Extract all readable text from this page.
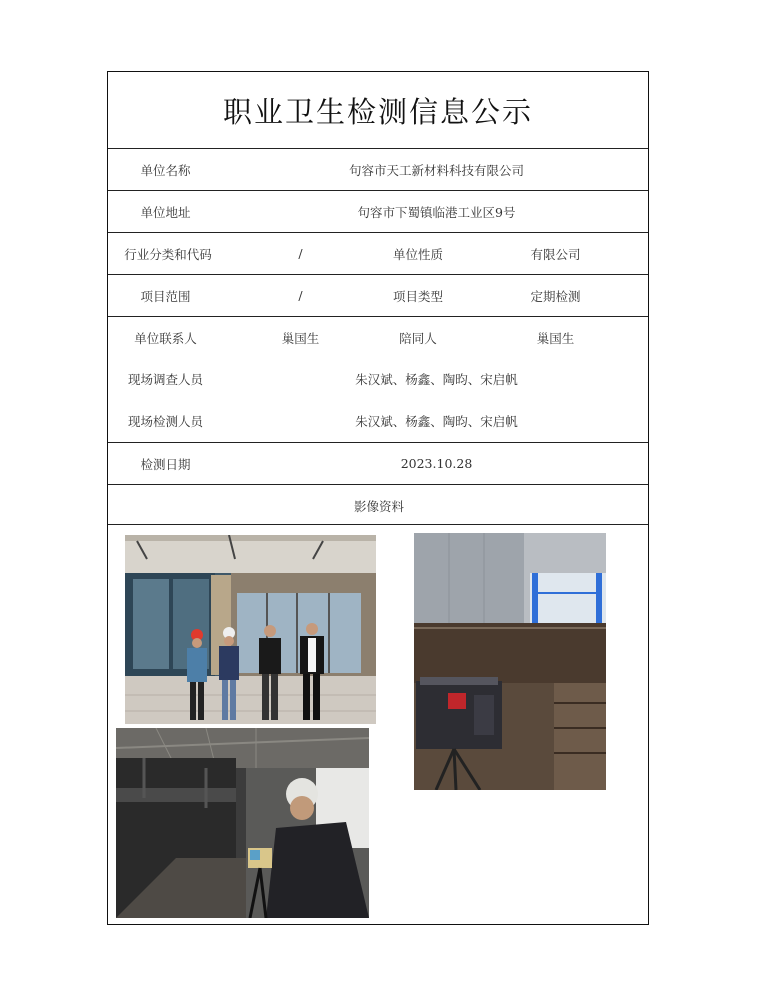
职业卫生检测信息公示
单位名称	句容市天工新材料科技有限公司
单位地址	句容市下蜀镇临港工业区9号
行业分类和代码	/	单位性质	有限公司
项目范围	/	项目类型	定期检测
单位联系人	巢国生	陪同人	巢国生
现场调查人员	朱汉斌、杨鑫、陶昀、宋启帆
现场检测人员	朱汉斌、杨鑫、陶昀、宋启帆
检测日期	2023.10.28
影像资料
